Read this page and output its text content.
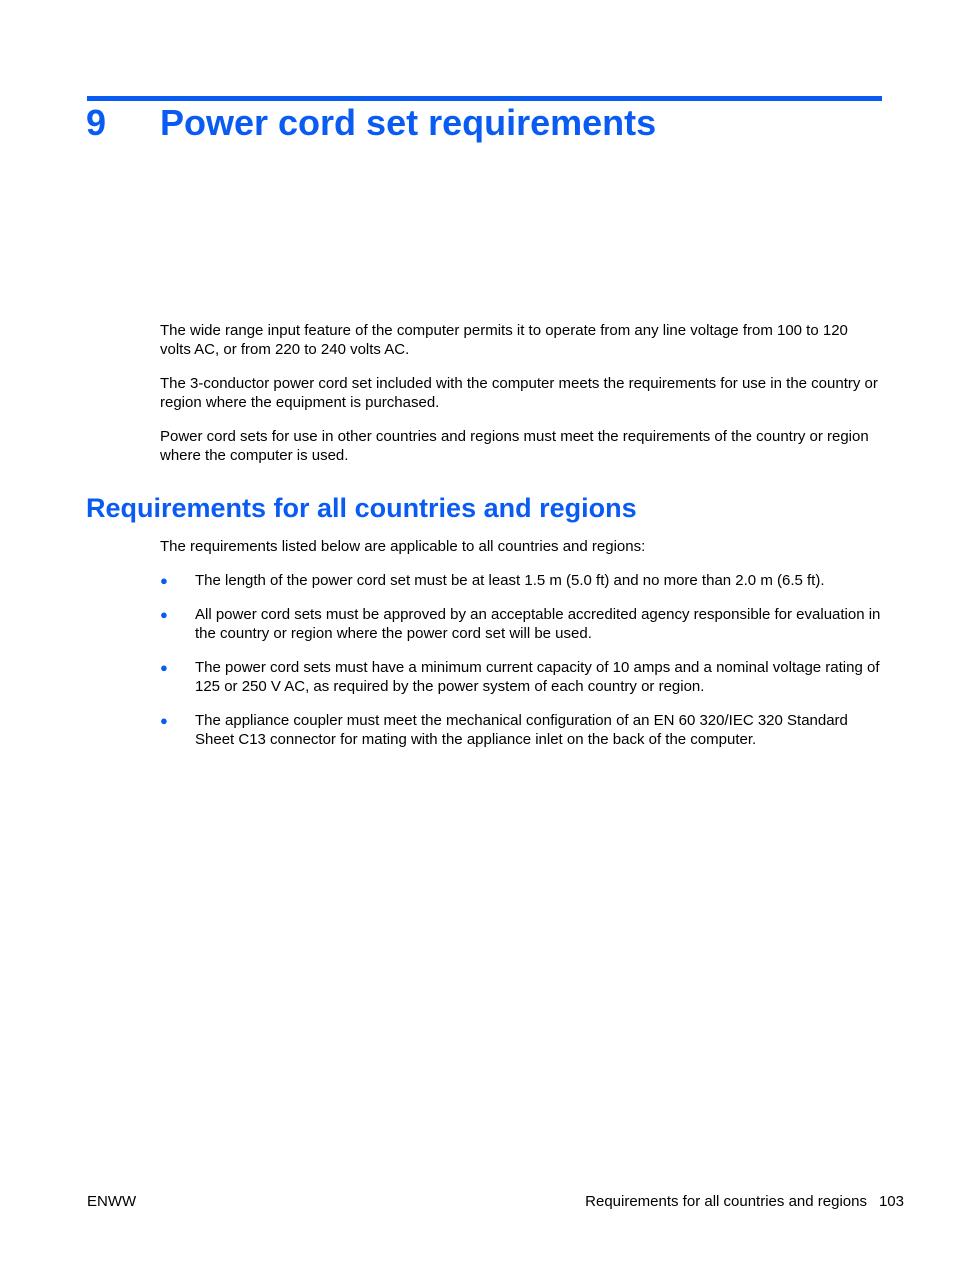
9 Power cord set requirements

The wide range input feature of the computer permits it to operate from any line voltage from 100 to 120 volts AC, or from 220 to 240 volts AC.

The 3-conductor power cord set included with the computer meets the requirements for use in the country or region where the equipment is purchased.

Power cord sets for use in other countries and regions must meet the requirements of the country or region where the computer is used.

Requirements for all countries and regions

The requirements listed below are applicable to all countries and regions:

● The length of the power cord set must be at least 1.5 m (5.0 ft) and no more than 2.0 m (6.5 ft).
● All power cord sets must be approved by an acceptable accredited agency responsible for evaluation in the country or region where the power cord set will be used.
● The power cord sets must have a minimum current capacity of 10 amps and a nominal voltage rating of 125 or 250 V AC, as required by the power system of each country or region.
● The appliance coupler must meet the mechanical configuration of an EN 60 320/IEC 320 Standard Sheet C13 connector for mating with the appliance inlet on the back of the computer.

ENWW	Requirements for all countries and regions 103
